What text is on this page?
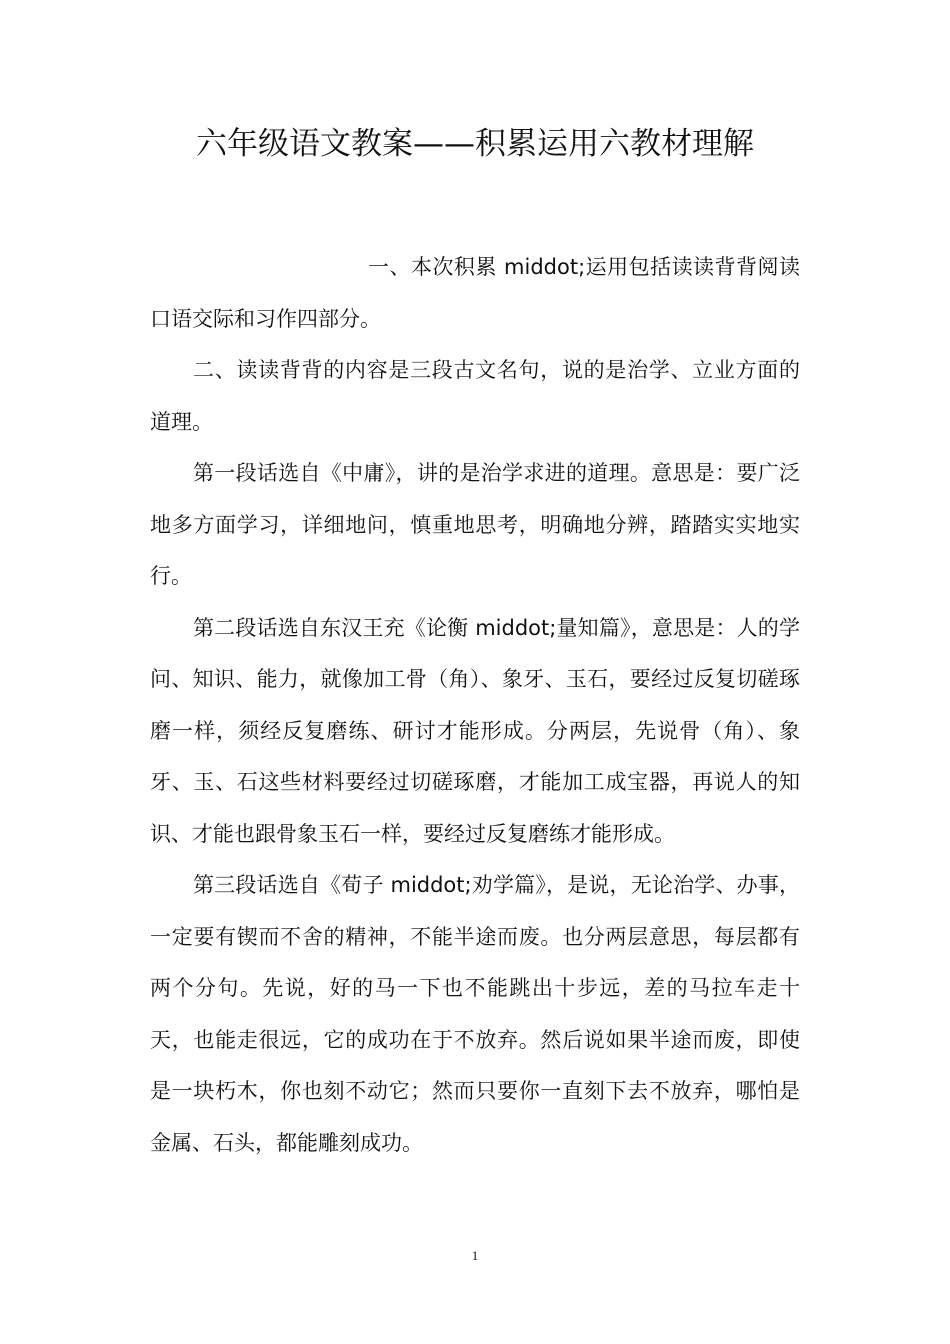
六年级语文教案——积累运用六教材理解

一、本次积累 middot;运用包括读读背背阅读口语交际和习作四部分。

二、读读背背的内容是三段古文名句，说的是治学、立业方面的道理。

第一段话选自《中庸》，讲的是治学求进的道理。意思是：要广泛地多方面学习，详细地问，慎重地思考，明确地分辨，踏踏实实地实行。

第二段话选自东汉王充《论衡 middot;量知篇》，意思是：人的学问、知识、能力，就像加工骨（角）、象牙、玉石，要经过反复切磋琢磨一样，须经反复磨练、研讨才能形成。分两层，先说骨（角）、象牙、玉、石这些材料要经过切磋琢磨，才能加工成宝器，再说人的知识、才能也跟骨象玉石一样，要经过反复磨练才能形成。

第三段话选自《荀子 middot;劝学篇》，是说，无论治学、办事，一定要有锲而不舍的精神，不能半途而废。也分两层意思，每层都有两个分句。先说，好的马一下也不能跳出十步远，差的马拉车走十天，也能走很远，它的成功在于不放弃。然后说如果半途而废，即使是一块朽木，你也刻不动它；然而只要你一直刻下去不放弃，哪怕是金属、石头，都能雕刻成功。

1
